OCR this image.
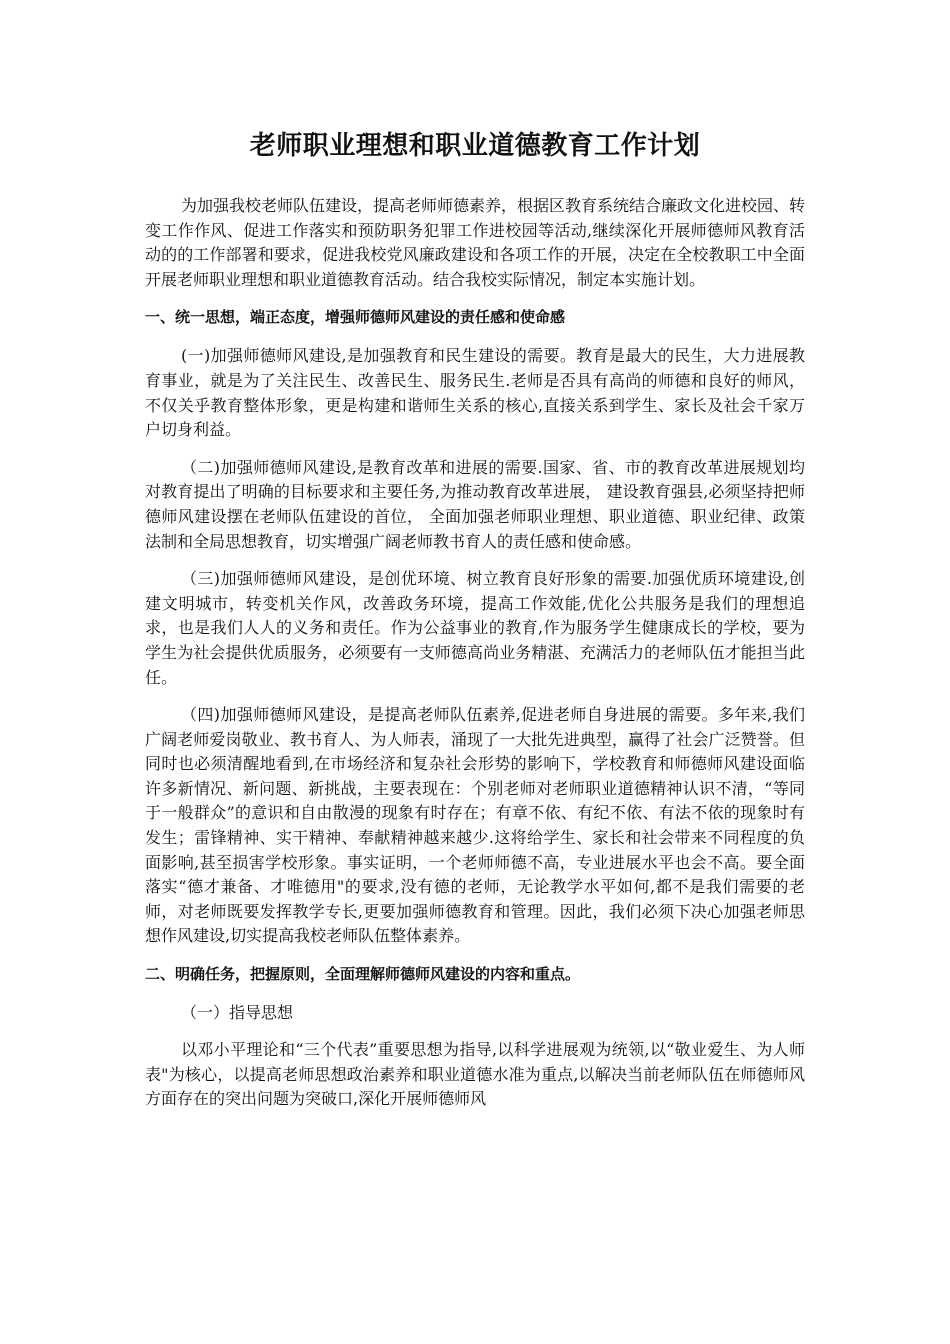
老师职业理想和职业道德教育工作计划

为加强我校老师队伍建设，提高老师师德素养，根据区教育系统结合廉政文化进校园、转变工作作风、促进工作落实和预防职务犯罪工作进校园等活动,继续深化开展师德师风教育活动的的工作部署和要求，促进我校党风廉政建设和各项工作的开展，决定在全校教职工中全面开展老师职业理想和职业道德教育活动。结合我校实际情况，制定本实施计划。

一、统一思想，端正态度，增强师德师风建设的责任感和使命感

(一)加强师德师风建设,是加强教育和民生建设的需要。教育是最大的民生，大力进展教育事业，就是为了关注民生、改善民生、服务民生.老师是否具有高尚的师德和良好的师风，不仅关乎教育整体形象，更是构建和谐师生关系的核心,直接关系到学生、家长及社会千家万户切身利益。

（二)加强师德师风建设,是教育改革和进展的需要.国家、省、市的教育改革进展规划均对教育提出了明确的目标要求和主要任务,为推动教育改革进展， 建设教育强县,必须坚持把师德师风建设摆在老师队伍建设的首位， 全面加强老师职业理想、职业道德、职业纪律、政策法制和全局思想教育，切实增强广阔老师教书育人的责任感和使命感。

（三)加强师德师风建设，是创优环境、树立教育良好形象的需要.加强优质环境建设,创建文明城市，转变机关作风，改善政务环境，提高工作效能,优化公共服务是我们的理想追求，也是我们人人的义务和责任。作为公益事业的教育,作为服务学生健康成长的学校，要为学生为社会提供优质服务，必须要有一支师德高尚业务精湛、充满活力的老师队伍才能担当此任。

（四)加强师德师风建设，是提高老师队伍素养,促进老师自身进展的需要。多年来,我们广阔老师爱岗敬业、教书育人、为人师表，涌现了一大批先进典型，赢得了社会广泛赞誉。但同时也必须清醒地看到,在市场经济和复杂社会形势的影响下，学校教育和师德师风建设面临许多新情况、新问题、新挑战，主要表现在：个别老师对老师职业道德精神认识不清，“等同于一般群众”的意识和自由散漫的现象有时存在；有章不依、有纪不依、有法不依的现象时有发生；雷锋精神、实干精神、奉献精神越来越少.这将给学生、家长和社会带来不同程度的负面影响,甚至损害学校形象。事实证明，一个老师师德不高，专业进展水平也会不高。要全面落实“德才兼备、才唯德用"的要求,没有德的老师，无论教学水平如何,都不是我们需要的老师，对老师既要发挥教学专长,更要加强师德教育和管理。因此，我们必须下决心加强老师思想作风建设,切实提高我校老师队伍整体素养。

二、明确任务，把握原则，全面理解师德师风建设的内容和重点。

（一）指导思想

以邓小平理论和“三个代表”重要思想为指导,以科学进展观为统领,以“敬业爱生、为人师表"为核心，以提高老师思想政治素养和职业道德水准为重点,以解决当前老师队伍在师德师风方面存在的突出问题为突破口,深化开展师德师风
